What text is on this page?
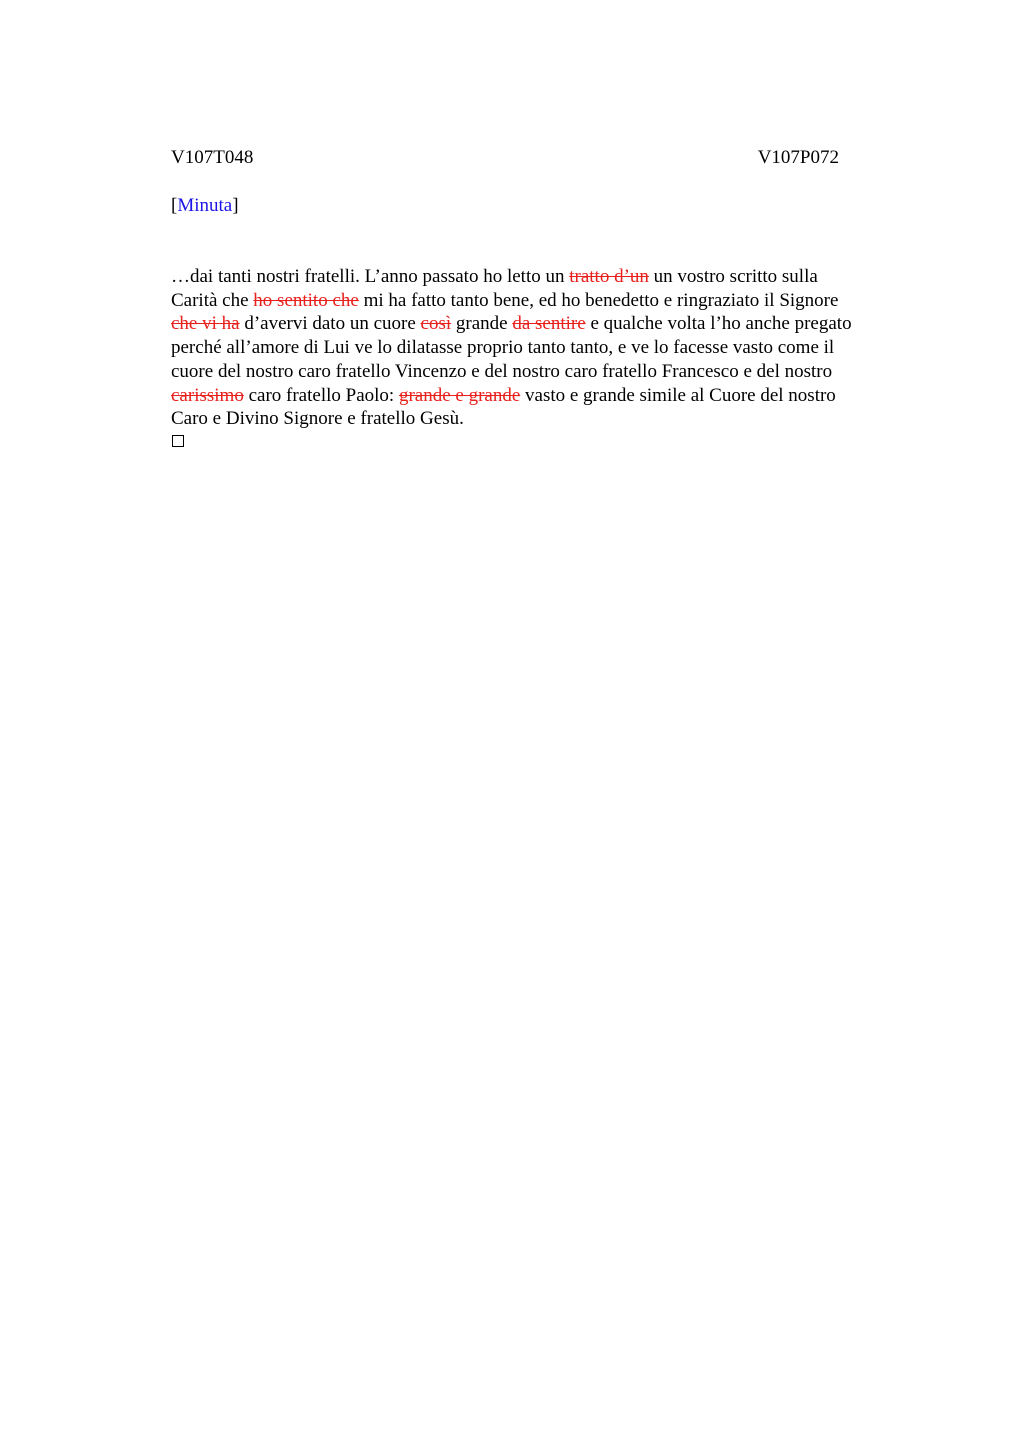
V107T048	V107P072
[Minuta]
…dai tanti nostri fratelli. L’anno passato ho letto un tratto d’un un vostro scritto sulla
Carità che ho sentito che mi ha fatto tanto bene, ed ho benedetto e ringraziato il Signore
che vi ha d’avervi dato un cuore così grande da sentire e qualche volta l’ho anche pregato
perché all’amore di Lui ve lo dilatasse proprio tanto tanto, e ve lo facesse vasto come il
cuore del nostro caro fratello Vincenzo e del nostro caro fratello Francesco e del nostro
carissimo caro fratello Paolo: grande e grande vasto e grande simile al Cuore del nostro
Caro e Divino Signore e fratello Gesù.
